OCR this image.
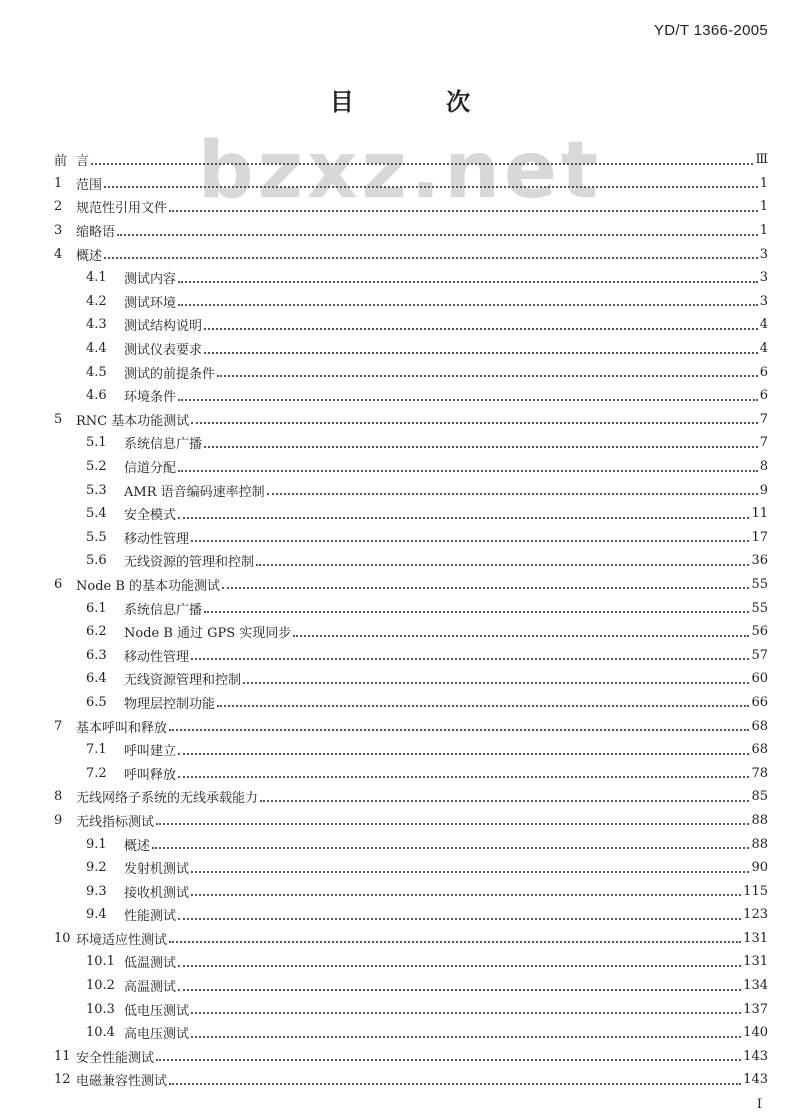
YD/T 1366-2005
bzxz.net
目 次
前 言	Ⅲ
1	范围	1
2	规范性引用文件	1
3	缩略语	1
4	概述	3
4.1	测试内容	3
4.2	测试环境	3
4.3	测试结构说明	4
4.4	测试仪表要求	4
4.5	测试的前提条件	6
4.6	环境条件	6
5	RNC 基本功能测试	7
5.1	系统信息广播	7
5.2	信道分配	8
5.3	AMR 语音编码速率控制	9
5.4	安全模式	11
5.5	移动性管理	17
5.6	无线资源的管理和控制	36
6	Node B 的基本功能测试	55
6.1	系统信息广播	55
6.2	Node B 通过 GPS 实现同步	56
6.3	移动性管理	57
6.4	无线资源管理和控制	60
6.5	物理层控制功能	66
7	基本呼叫和释放	68
7.1	呼叫建立	68
7.2	呼叫释放	78
8	无线网络子系统的无线承载能力	85
9	无线指标测试	88
9.1	概述	88
9.2	发射机测试	90
9.3	接收机测试	115
9.4	性能测试	123
10 环境适应性测试	131
10.1 低温测试	131
10.2 高温测试	134
10.3 低电压测试	137
10.4 高电压测试	140
11 安全性能测试	143
12 电磁兼容性测试	143
I
